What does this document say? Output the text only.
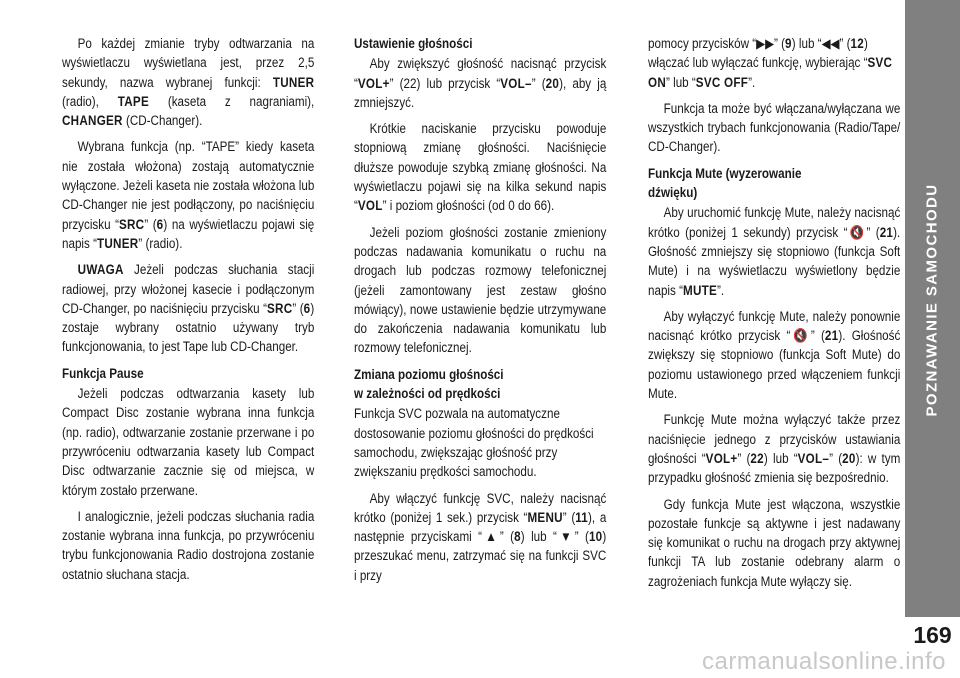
POZNAWANIE SAMOCHODU
169

Po każdej zmianie tryby odtwarzania na wyświetlaczu wyświetlana jest, przez 2,5 sekundy, nazwa wybranej funkcji: TUNER (radio), TAPE (kaseta z nagraniami), CHANGER (CD-Changer).

Wybrana funkcja (np. “TAPE” kiedy kaseta nie została włożona) zostają automatycznie wyłączone. Jeżeli kaseta nie została włożona lub CD-Changer nie jest podłączony, po naciśnięciu przycisku “SRC” (6) na wyświetlaczu pojawi się napis “TUNER” (radio).

UWAGA Jeżeli podczas słuchania stacji radiowej, przy włożonej kasecie i podłączonym CD-Changer, po naciśnięciu przycisku “SRC” (6) zostaje wybrany ostatnio używany tryb funkcjonowania, to jest Tape lub CD-Changer.

Funkcja Pause

Jeżeli podczas odtwarzania kasety lub Compact Disc zostanie wybrana inna funkcja (np. radio), odtwarzanie zostanie przerwane i po przywróceniu odtwarzania kasety lub Compact Disc odtwarzanie zacznie się od miejsca, w którym zostało przerwane.

I analogicznie, jeżeli podczas słuchania radia zostanie wybrana inna funkcja, po przywróceniu trybu funkcjonowania Radio dostrojona zostanie ostatnio słuchana stacja.

Ustawienie głośności

Aby zwiększyć głośność nacisnąć przycisk “VOL+” (22) lub przycisk “VOL–” (20), aby ją zmniejszyć.

Krótkie naciskanie przycisku powoduje stopniową zmianę głośności. Naciśnięcie dłuższe powoduje szybką zmianę głośności. Na wyświetlaczu pojawi się na kilka sekund napis “VOL” i poziom głośności (od 0 do 66).

Jeżeli poziom głośności zostanie zmieniony podczas nadawania komunikatu o ruchu na drogach lub podczas rozmowy telefonicznej (jeżeli zamontowany jest zestaw głośno mówiący), nowe ustawienie będzie utrzymywane do zakończenia nadawania komunikatu lub rozmowy telefonicznej.

Zmiana poziomu głośności
w zależności od prędkości

Funkcja SVC pozwala na automatyczne dostosowanie poziomu głośności do prędkości samochodu, zwiększając głośność przy zwiększaniu prędkości samochodu.

Aby włączyć funkcję SVC, należy nacisnąć krótko (poniżej 1 sek.) przycisk “MENU” (11), a następnie przyciskami “▲” (8) lub “▼” (10) przeszukać menu, zatrzymać się na funkcji SVC i przy

pomocy przycisków “▶▶” (9) lub “◀◀” (12) włączać lub wyłączać funkcję, wybierając “SVC ON” lub “SVC OFF”.

Funkcja ta może być włączana/wyłączana we wszystkich trybach funkcjonowania (Radio/Tape/ CD-Changer).

Funkcja Mute (wyzerowanie
dźwięku)

Aby uruchomić funkcję Mute, należy nacisnąć krótko (poniżej 1 sekundy) przycisk “🔇” (21). Głośność zmniejszy się stopniowo (funkcja Soft Mute) i na wyświetlaczu wyświetlony będzie napis “MUTE”.

Aby wyłączyć funkcję Mute, należy ponownie nacisnąć krótko przycisk “🔇” (21). Głośność zwiększy się stopniowo (funkcja Soft Mute) do poziomu ustawionego przed włączeniem funkcji Mute.

Funkcję Mute można wyłączyć także przez naciśnięcie jednego z przycisków ustawiania głośności “VOL+” (22) lub “VOL–” (20): w tym przypadku głośność zmienia się bezpośrednio.

Gdy funkcja Mute jest włączona, wszystkie pozostałe funkcje są aktywne i jest nadawany się komunikat o ruchu na drogach przy aktywnej funkcji TA lub zostanie odebrany alarm o zagrożeniach funkcja Mute wyłączy się.

carmanualsonline.info
